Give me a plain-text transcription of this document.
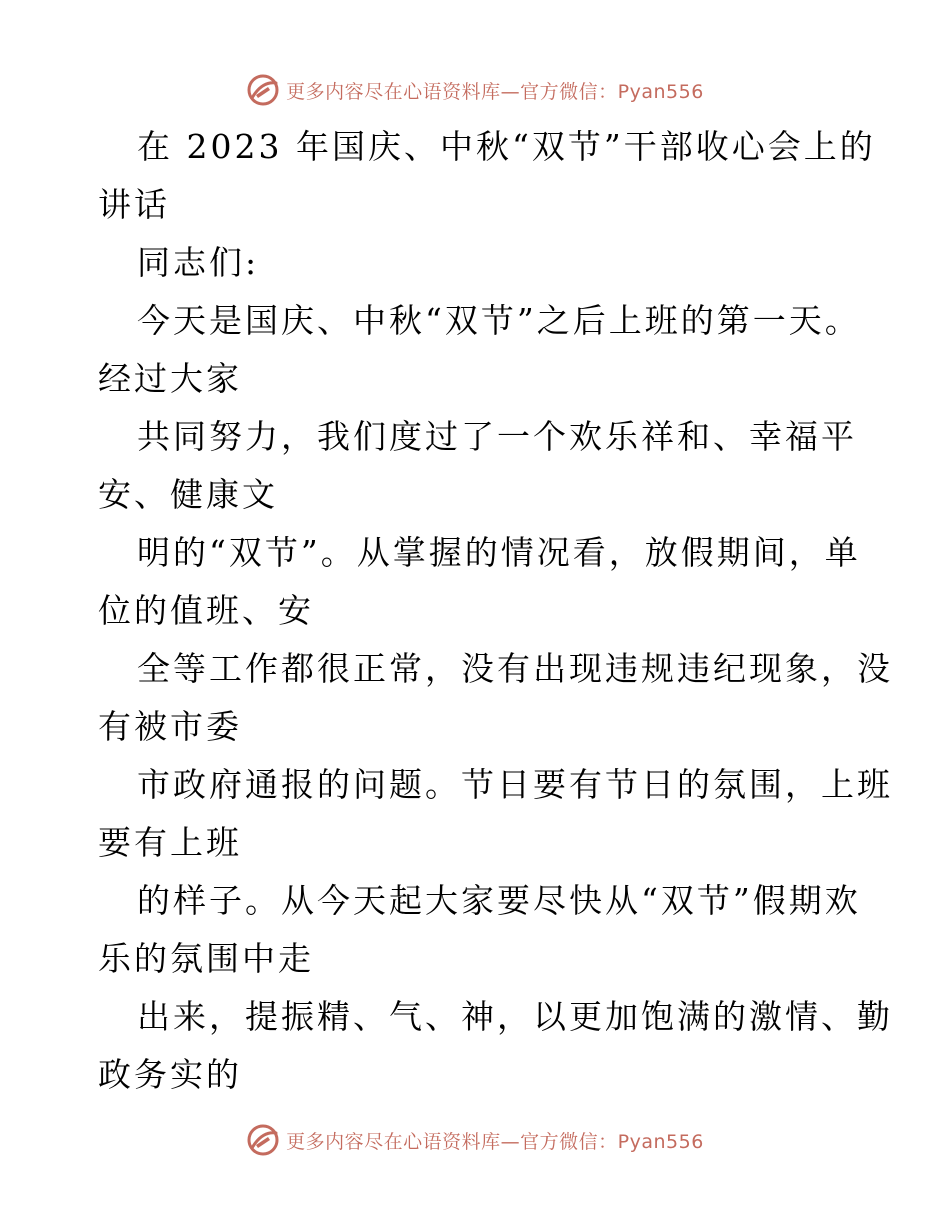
更多内容尽在心语资料库—官方微信：Pyan556
在 2023 年国庆、中秋“双节”干部收心会上的
讲话
同志们:
今天是国庆、中秋“双节”之后上班的第一天。
经过大家
共同努力，我们度过了一个欢乐祥和、幸福平
安、健康文
明的“双节”。从掌握的情况看，放假期间，单
位的值班、安
全等工作都很正常，没有出现违规违纪现象，没
有被市委
市政府通报的问题。节日要有节日的氛围，上班
要有上班
的样子。从今天起大家要尽快从“双节”假期欢
乐的氛围中走
出来，提振精、气、神，以更加饱满的激情、勤
政务实的
更多内容尽在心语资料库—官方微信：Pyan556
